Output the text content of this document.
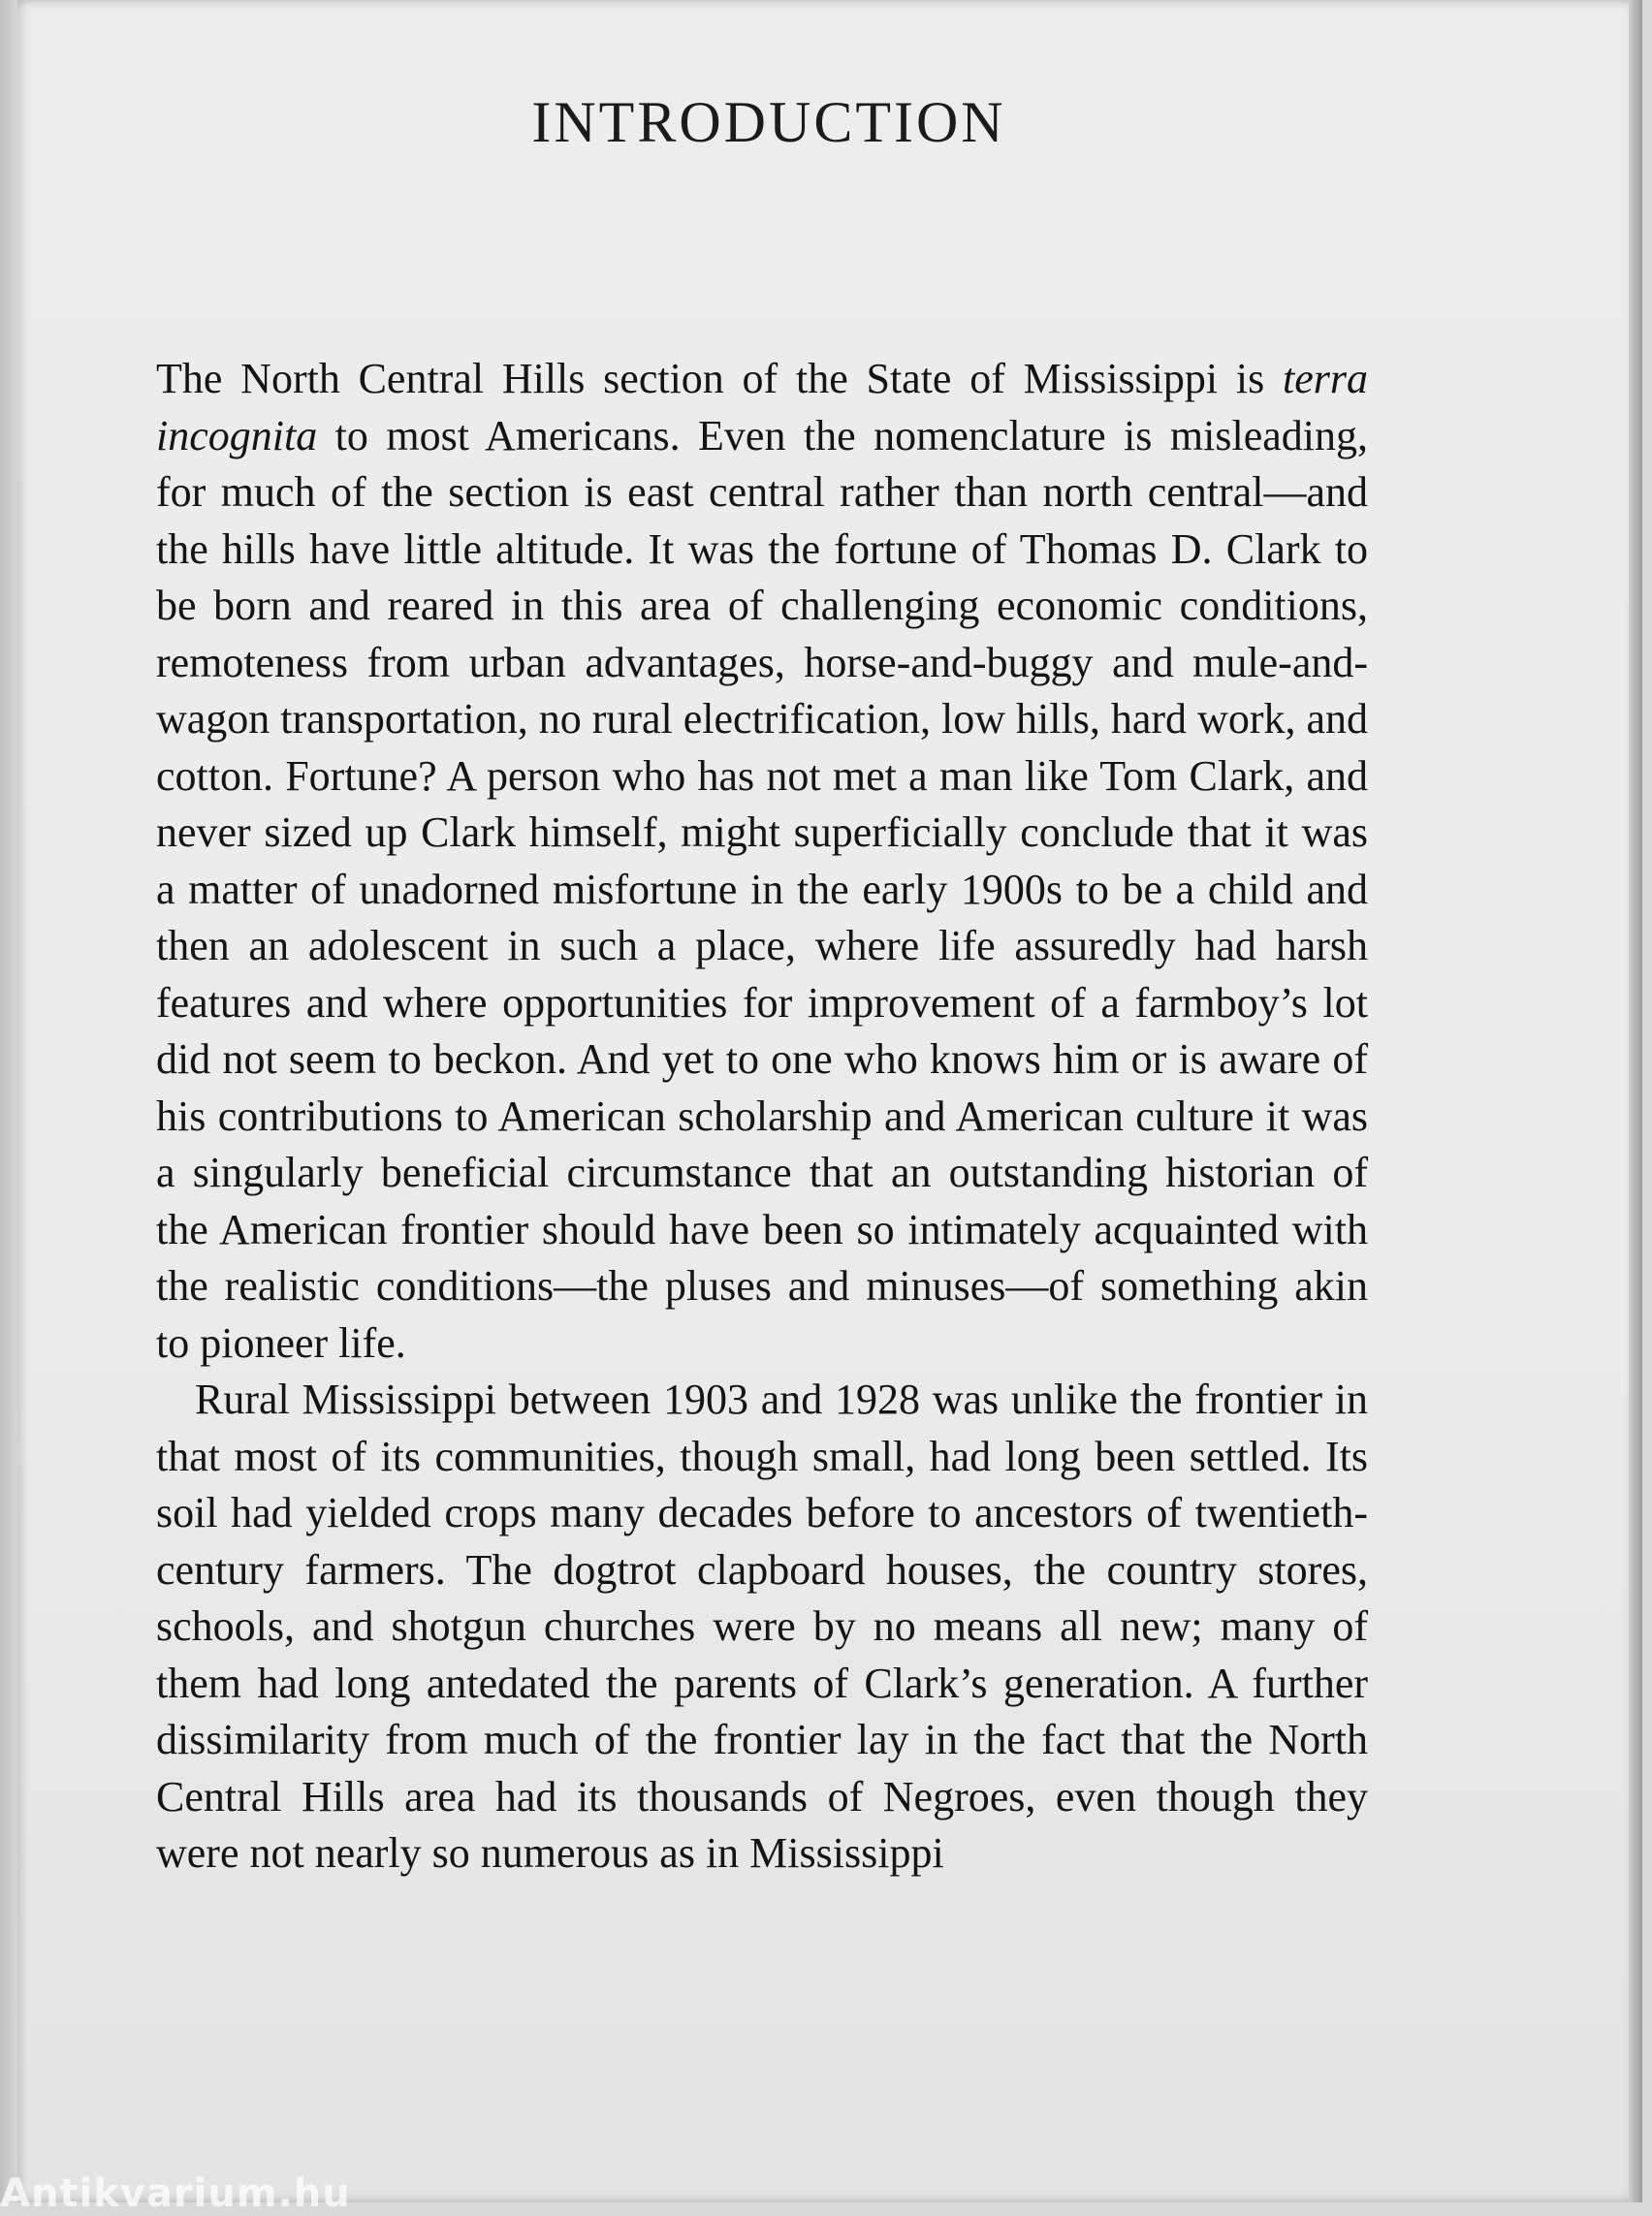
INTRODUCTION

The North Central Hills section of the State of Mississippi is terra incognita to most Americans. Even the nomenclature is misleading, for much of the section is east central rather than north central—and the hills have little altitude. It was the fortune of Thomas D. Clark to be born and reared in this area of challenging economic conditions, remoteness from urban advantages, horse-and-buggy and mule-and-wagon transportation, no rural electrification, low hills, hard work, and cotton. Fortune? A person who has not met a man like Tom Clark, and never sized up Clark himself, might superficially conclude that it was a matter of unadorned misfortune in the early 1900s to be a child and then an adolescent in such a place, where life assuredly had harsh features and where opportunities for improvement of a farmboy’s lot did not seem to beckon. And yet to one who knows him or is aware of his contributions to American scholarship and American culture it was a singularly beneficial circumstance that an outstanding historian of the American frontier should have been so intimately acquainted with the realistic conditions—the pluses and minuses—of something akin to pioneer life.

Rural Mississippi between 1903 and 1928 was unlike the frontier in that most of its communities, though small, had long been settled. Its soil had yielded crops many decades before to ancestors of twentieth-century farmers. The dogtrot clapboard houses, the country stores, schools, and shotgun churches were by no means all new; many of them had long antedated the parents of Clark’s generation. A further dissimilarity from much of the frontier lay in the fact that the North Central Hills area had its thousands of Negroes, even though they were not nearly so numerous as in Mississippi

Antikvarium.hu
